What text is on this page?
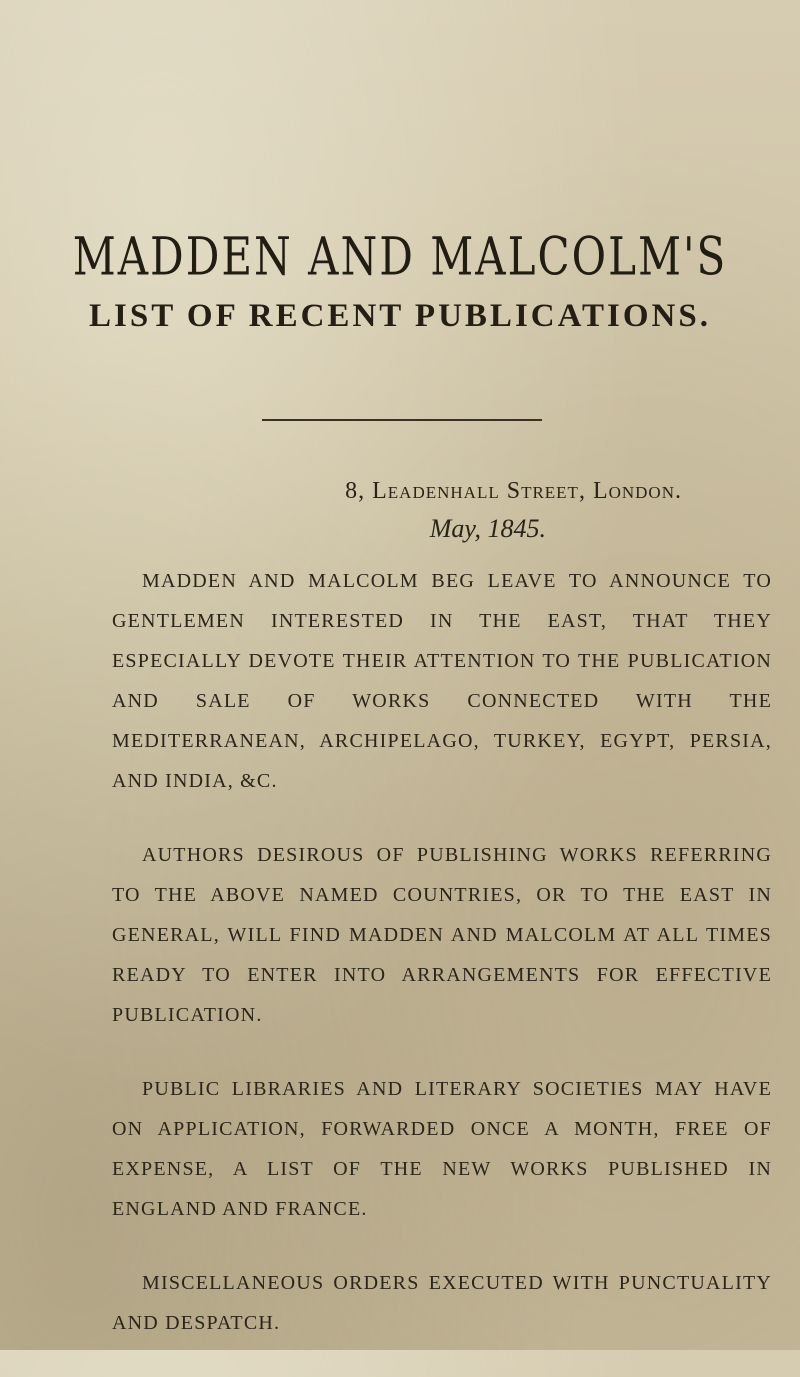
MADDEN AND MALCOLM'S
LIST OF RECENT PUBLICATIONS.
8, Leadenhall Street, London.
May, 1845.

MADDEN AND MALCOLM BEG LEAVE TO ANNOUNCE TO GENTLEMEN INTERESTED IN THE EAST, THAT THEY ESPECIALLY DEVOTE THEIR ATTENTION TO THE PUBLICATION AND SALE OF WORKS CONNECTED WITH THE MEDITERRANEAN, ARCHIPELAGO, TURKEY, EGYPT, PERSIA, AND INDIA, &C.

AUTHORS DESIROUS OF PUBLISHING WORKS REFERRING TO THE ABOVE NAMED COUNTRIES, OR TO THE EAST IN GENERAL, WILL FIND MADDEN AND MALCOLM AT ALL TIMES READY TO ENTER INTO ARRANGEMENTS FOR EFFECTIVE PUBLICATION.

PUBLIC LIBRARIES AND LITERARY SOCIETIES MAY HAVE ON APPLICATION, FORWARDED ONCE A MONTH, FREE OF EXPENSE, A LIST OF THE NEW WORKS PUBLISHED IN ENGLAND AND FRANCE.

MISCELLANEOUS ORDERS EXECUTED WITH PUNCTUALITY AND DESPATCH.
